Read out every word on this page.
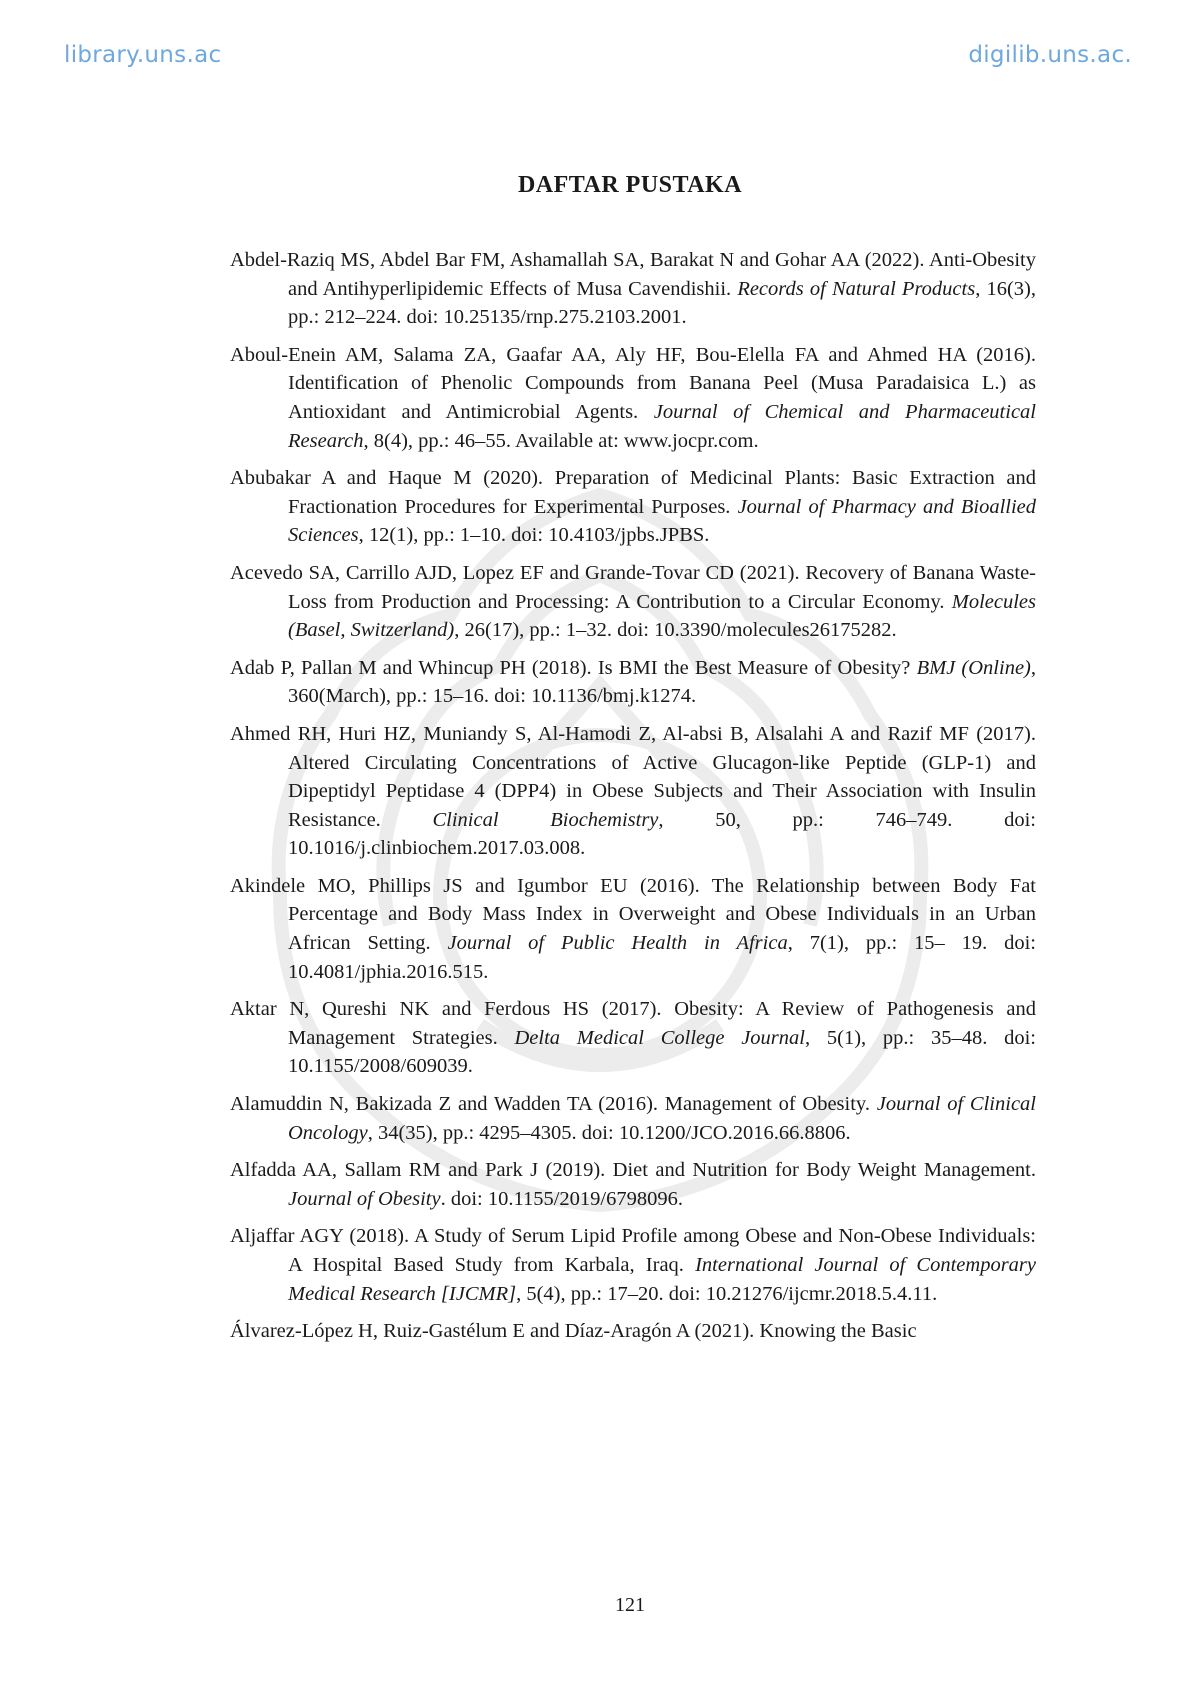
library.uns.ac	digilib.uns.ac.
DAFTAR PUSTAKA
Abdel-Raziq MS, Abdel Bar FM, Ashamallah SA, Barakat N and Gohar AA (2022). Anti-Obesity and Antihyperlipidemic Effects of Musa Cavendishii. Records of Natural Products, 16(3), pp.: 212–224. doi: 10.25135/rnp.275.2103.2001.
Aboul-Enein AM, Salama ZA, Gaafar AA, Aly HF, Bou-Elella FA and Ahmed HA (2016). Identification of Phenolic Compounds from Banana Peel (Musa Paradaisica L.) as Antioxidant and Antimicrobial Agents. Journal of Chemical and Pharmaceutical Research, 8(4), pp.: 46–55. Available at: www.jocpr.com.
Abubakar A and Haque M (2020). Preparation of Medicinal Plants: Basic Extraction and Fractionation Procedures for Experimental Purposes. Journal of Pharmacy and Bioallied Sciences, 12(1), pp.: 1–10. doi: 10.4103/jpbs.JPBS.
Acevedo SA, Carrillo AJD, Lopez EF and Grande-Tovar CD (2021). Recovery of Banana Waste-Loss from Production and Processing: A Contribution to a Circular Economy. Molecules (Basel, Switzerland), 26(17), pp.: 1–32. doi: 10.3390/molecules26175282.
Adab P, Pallan M and Whincup PH (2018). Is BMI the Best Measure of Obesity? BMJ (Online), 360(March), pp.: 15–16. doi: 10.1136/bmj.k1274.
Ahmed RH, Huri HZ, Muniandy S, Al-Hamodi Z, Al-absi B, Alsalahi A and Razif MF (2017). Altered Circulating Concentrations of Active Glucagon-like Peptide (GLP-1) and Dipeptidyl Peptidase 4 (DPP4) in Obese Subjects and Their Association with Insulin Resistance. Clinical Biochemistry, 50, pp.: 746–749. doi: 10.1016/j.clinbiochem.2017.03.008.
Akindele MO, Phillips JS and Igumbor EU (2016). The Relationship between Body Fat Percentage and Body Mass Index in Overweight and Obese Individuals in an Urban African Setting. Journal of Public Health in Africa, 7(1), pp.: 15– 19. doi: 10.4081/jphia.2016.515.
Aktar N, Qureshi NK and Ferdous HS (2017). Obesity: A Review of Pathogenesis and Management Strategies. Delta Medical College Journal, 5(1), pp.: 35–48. doi: 10.1155/2008/609039.
Alamuddin N, Bakizada Z and Wadden TA (2016). Management of Obesity. Journal of Clinical Oncology, 34(35), pp.: 4295–4305. doi: 10.1200/JCO.2016.66.8806.
Alfadda AA, Sallam RM and Park J (2019). Diet and Nutrition for Body Weight Management. Journal of Obesity. doi: 10.1155/2019/6798096.
Aljaffar AGY (2018). A Study of Serum Lipid Profile among Obese and Non-Obese Individuals: A Hospital Based Study from Karbala, Iraq. International Journal of Contemporary Medical Research [IJCMR], 5(4), pp.: 17–20. doi: 10.21276/ijcmr.2018.5.4.11.
Álvarez-López H, Ruiz-Gastélum E and Díaz-Aragón A (2021). Knowing the Basic
121
